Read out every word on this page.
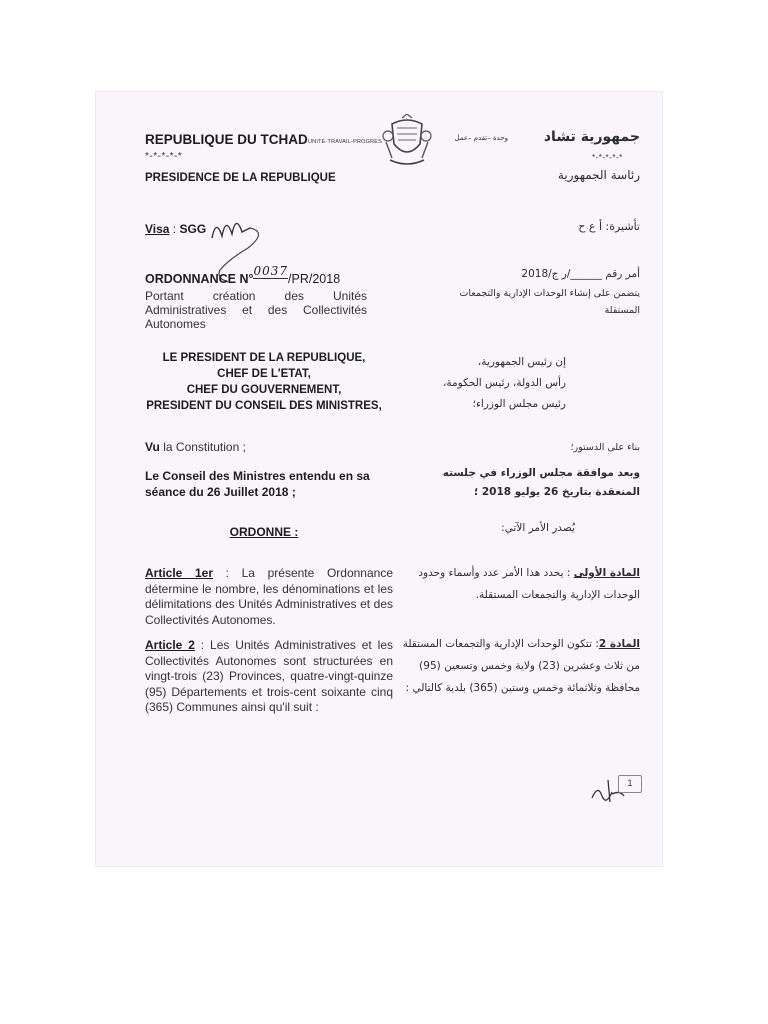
REPUBLIQUE DU TCHAD UNITE-TRAVAIL-PROGRES
*-*-*-*-*
PRESIDENCE DE LA REPUBLIQUE
وحدة –تقدم –عمل	جمهورية تشاد
*-*-*-*-*
رئاسة الجمهورية
Visa : SGG	تأشيرة: أ ع ح
ORDONNANCE N°0037/PR/2018
Portant création des Unités Administratives et des Collectivités Autonomes
أمر رقم ______/ر ج/2018
يتضمن على إنشاء الوحدات الإدارية والتجمعات المستقلة
LE PRESIDENT DE LA REPUBLIQUE,
CHEF DE L'ETAT,
CHEF DU GOUVERNEMENT,
PRESIDENT DU CONSEIL DES MINISTRES,
إن رئيس الجمهورية،
رأس الدولة، رئيس الحكومة،
رئيس مجلس الوزراء؛
Vu la Constitution ;	بناء على الدستور؛
Le Conseil des Ministres entendu en sa séance du 26 Juillet 2018 ;
وبعد موافقة مجلس الوزراء في جلسته المنعقدة بتاريخ 26 يوليو 2018 ؛
ORDONNE :	يُصدر الأمر الآتي:
Article 1er : La présente Ordonnance détermine le nombre, les dénominations et les délimitations des Unités Administratives et des Collectivités Autonomes.
المادة الأولى : يحدد هذا الأمر عدد وأسماء وحدود الوحدات الإدارية والتجمعات المستقلة.
Article 2 : Les Unités Administratives et les Collectivités Autonomes sont structurées en vingt-trois (23) Provinces, quatre-vingt-quinze (95) Départements et trois-cent soixante cinq (365) Communes ainsi qu'il suit :
المادة 2: تتكون الوحدات الإدارية والتجمعات المستقلة من ثلاث وعشرين (23) ولاية وخمس وتسعين (95) محافظة وثلاثمائة وخمس وستين (365) بلدية كالتالي :
1
